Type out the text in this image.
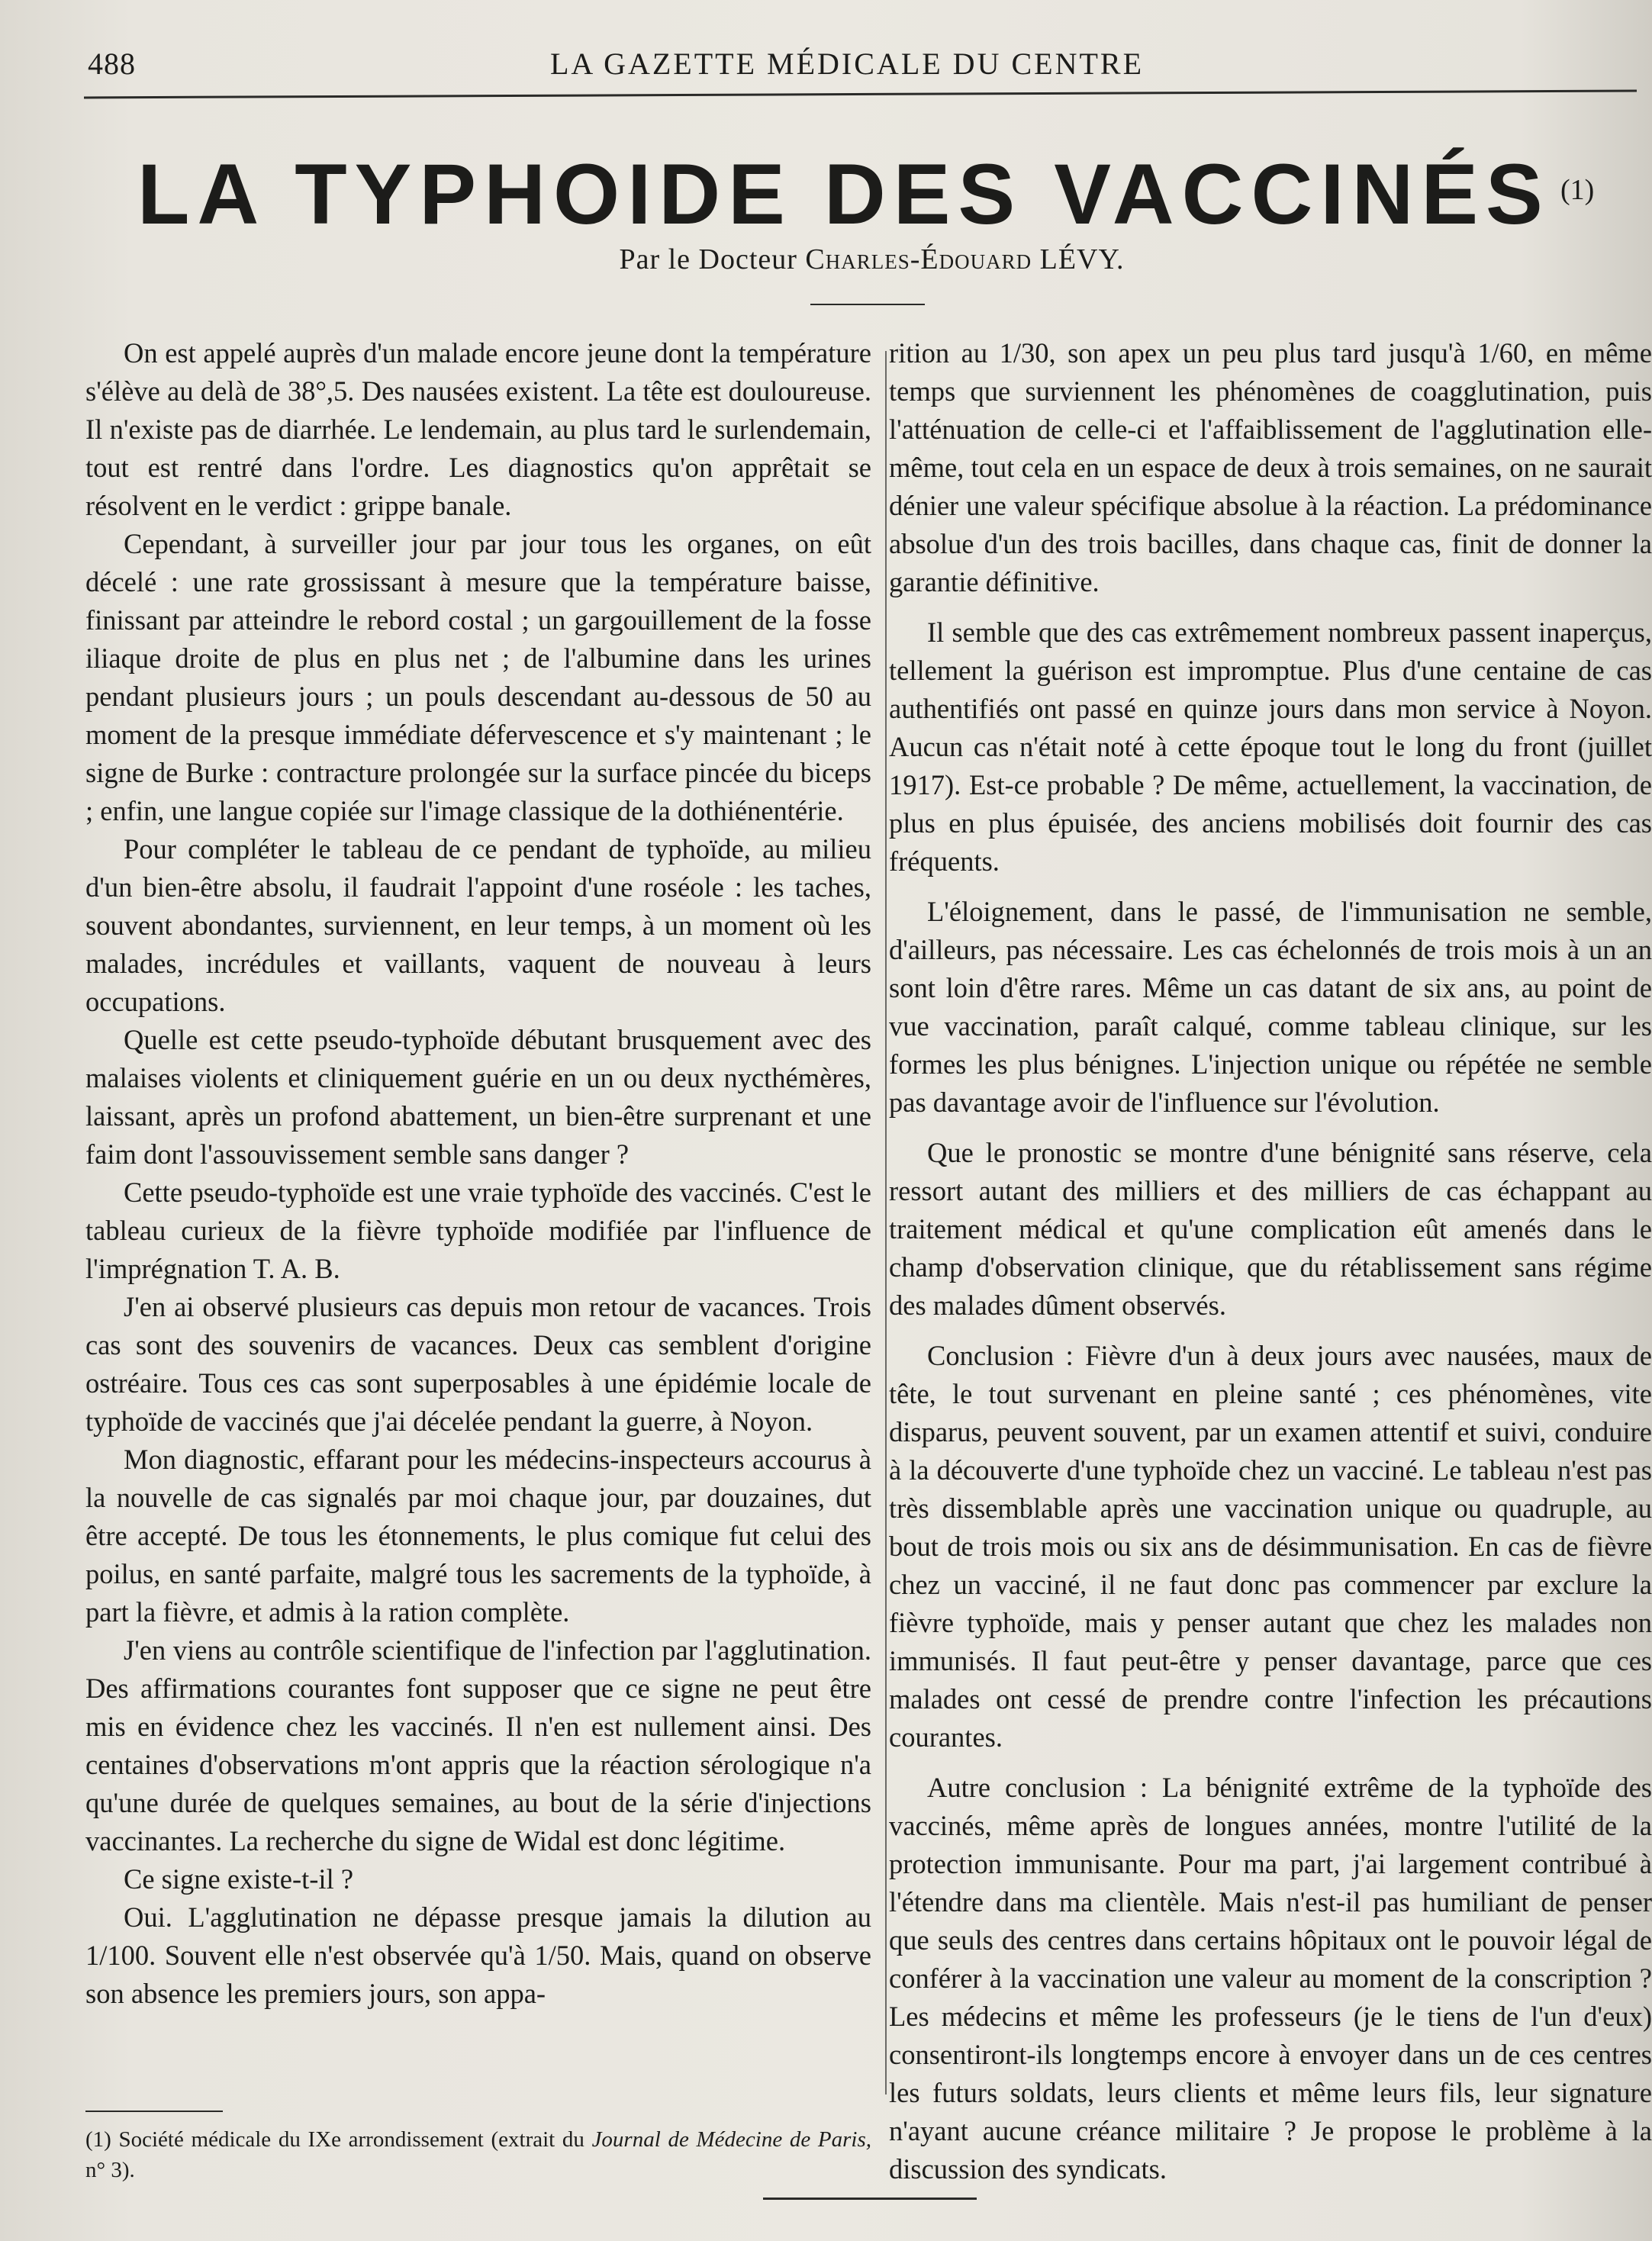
488	LA GAZETTE MÉDICALE DU CENTRE
LA TYPHOIDE DES VACCINÉS (1)
Par le Docteur Charles-Édouard LÉVY.

On est appelé auprès d'un malade encore jeune dont la température s'élève au delà de 38°,5. Des nausées existent. La tête est douloureuse. Il n'existe pas de diarrhée. Le lendemain, au plus tard le surlendemain, tout est rentré dans l'ordre. Les diagnostics qu'on apprêtait se résolvent en le verdict : grippe banale.

Cependant, à surveiller jour par jour tous les organes, on eût décelé : une rate grossissant à mesure que la température baisse, finissant par atteindre le rebord costal ; un gargouillement de la fosse iliaque droite de plus en plus net ; de l'albumine dans les urines pendant plusieurs jours ; un pouls descendant au-dessous de 50 au moment de la presque immédiate défervescence et s'y maintenant ; le signe de Burke : contracture prolongée sur la surface pincée du biceps ; enfin, une langue copiée sur l'image classique de la dothiénentérie.

Pour compléter le tableau de ce pendant de typhoïde, au milieu d'un bien-être absolu, il faudrait l'appoint d'une roséole : les taches, souvent abondantes, surviennent, en leur temps, à un moment où les malades, incrédules et vaillants, vaquent de nouveau à leurs occupations.

Quelle est cette pseudo-typhoïde débutant brusquement avec des malaises violents et cliniquement guérie en un ou deux nycthémères, laissant, après un profond abattement, un bien-être surprenant et une faim dont l'assouvissement semble sans danger ?

Cette pseudo-typhoïde est une vraie typhoïde des vaccinés. C'est le tableau curieux de la fièvre typhoïde modifiée par l'influence de l'imprégnation T. A. B.

J'en ai observé plusieurs cas depuis mon retour de vacances. Trois cas sont des souvenirs de vacances. Deux cas semblent d'origine ostréaire. Tous ces cas sont superposables à une épidémie locale de typhoïde de vaccinés que j'ai décelée pendant la guerre, à Noyon.

Mon diagnostic, effarant pour les médecins-inspecteurs accourus à la nouvelle de cas signalés par moi chaque jour, par douzaines, dut être accepté. De tous les étonnements, le plus comique fut celui des poilus, en santé parfaite, malgré tous les sacrements de la typhoïde, à part la fièvre, et admis à la ration complète.

J'en viens au contrôle scientifique de l'infection par l'agglutination. Des affirmations courantes font supposer que ce signe ne peut être mis en évidence chez les vaccinés. Il n'en est nullement ainsi. Des centaines d'observations m'ont appris que la réaction sérologique n'a qu'une durée de quelques semaines, au bout de la série d'injections vaccinantes. La recherche du signe de Widal est donc légitime.

Ce signe existe-t-il ?

Oui. L'agglutination ne dépasse presque jamais la dilution au 1/100. Souvent elle n'est observée qu'à 1/50. Mais, quand on observe son absence les premiers jours, son appa-

rition au 1/30, son apex un peu plus tard jusqu'à 1/60, en même temps que surviennent les phénomènes de coagglutination, puis l'atténuation de celle-ci et l'affaiblissement de l'agglutination elle-même, tout cela en un espace de deux à trois semaines, on ne saurait dénier une valeur spécifique absolue à la réaction. La prédominance absolue d'un des trois bacilles, dans chaque cas, finit de donner la garantie définitive.

Il semble que des cas extrêmement nombreux passent inaperçus, tellement la guérison est impromptue. Plus d'une centaine de cas authentifiés ont passé en quinze jours dans mon service à Noyon. Aucun cas n'était noté à cette époque tout le long du front (juillet 1917). Est-ce probable ? De même, actuellement, la vaccination, de plus en plus épuisée, des anciens mobilisés doit fournir des cas fréquents.

L'éloignement, dans le passé, de l'immunisation ne semble, d'ailleurs, pas nécessaire. Les cas échelonnés de trois mois à un an sont loin d'être rares. Même un cas datant de six ans, au point de vue vaccination, paraît calqué, comme tableau clinique, sur les formes les plus bénignes. L'injection unique ou répétée ne semble pas davantage avoir de l'influence sur l'évolution.

Que le pronostic se montre d'une bénignité sans réserve, cela ressort autant des milliers et des milliers de cas échappant au traitement médical et qu'une complication eût amenés dans le champ d'observation clinique, que du rétablissement sans régime des malades dûment observés.

Conclusion : Fièvre d'un à deux jours avec nausées, maux de tête, le tout survenant en pleine santé ; ces phénomènes, vite disparus, peuvent souvent, par un examen attentif et suivi, conduire à la découverte d'une typhoïde chez un vacciné. Le tableau n'est pas très dissemblable après une vaccination unique ou quadruple, au bout de trois mois ou six ans de désimmunisation. En cas de fièvre chez un vacciné, il ne faut donc pas commencer par exclure la fièvre typhoïde, mais y penser autant que chez les malades non immunisés. Il faut peut-être y penser davantage, parce que ces malades ont cessé de prendre contre l'infection les précautions courantes.

Autre conclusion : La bénignité extrême de la typhoïde des vaccinés, même après de longues années, montre l'utilité de la protection immunisante. Pour ma part, j'ai largement contribué à l'étendre dans ma clientèle. Mais n'est-il pas humiliant de penser que seuls des centres dans certains hôpitaux ont le pouvoir légal de conférer à la vaccination une valeur au moment de la conscription ? Les médecins et même les professeurs (je le tiens de l'un d'eux) consentiront-ils longtemps encore à envoyer dans un de ces centres les futurs soldats, leurs clients et même leurs fils, leur signature n'ayant aucune créance militaire ? Je propose le problème à la discussion des syndicats.

(1) Société médicale du IXe arrondissement (extrait du Journal de Médecine de Paris, n° 3).
